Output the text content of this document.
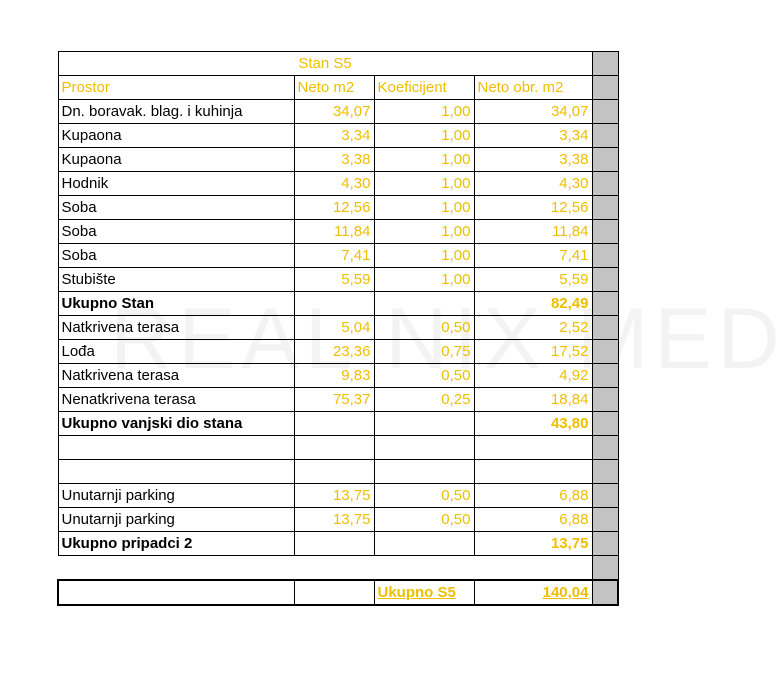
Stan S5				
Prostor	Neto m2	Koeficijent	Neto obr. m2	
Dn. boravak. blag. i kuhinja	34,07	1,00	34,07	
Kupaona	3,34	1,00	3,34	
Kupaona	3,38	1,00	3,38	
Hodnik	4,30	1,00	4,30	
Soba	12,56	1,00	12,56	
Soba	11,84	1,00	11,84	
Soba	7,41	1,00	7,41	
Stubište	5,59	1,00	5,59	
Ukupno Stan			82,49	
Natkrivena terasa	5,04	0,50	2,52	
Lođa	23,36	0,75	17,52	
Natkrivena terasa	9,83	0,50	4,92	
Nenatkrivena terasa	75,37	0,25	18,84	
Ukupno vanjski dio stana			43,80	

Unutarnji parking	13,75	0,50	6,88	
Unutarnji parking	13,75	0,50	6,88	
Ukupno pripadci 2			13,75	

		Ukupno S5	140,04	
